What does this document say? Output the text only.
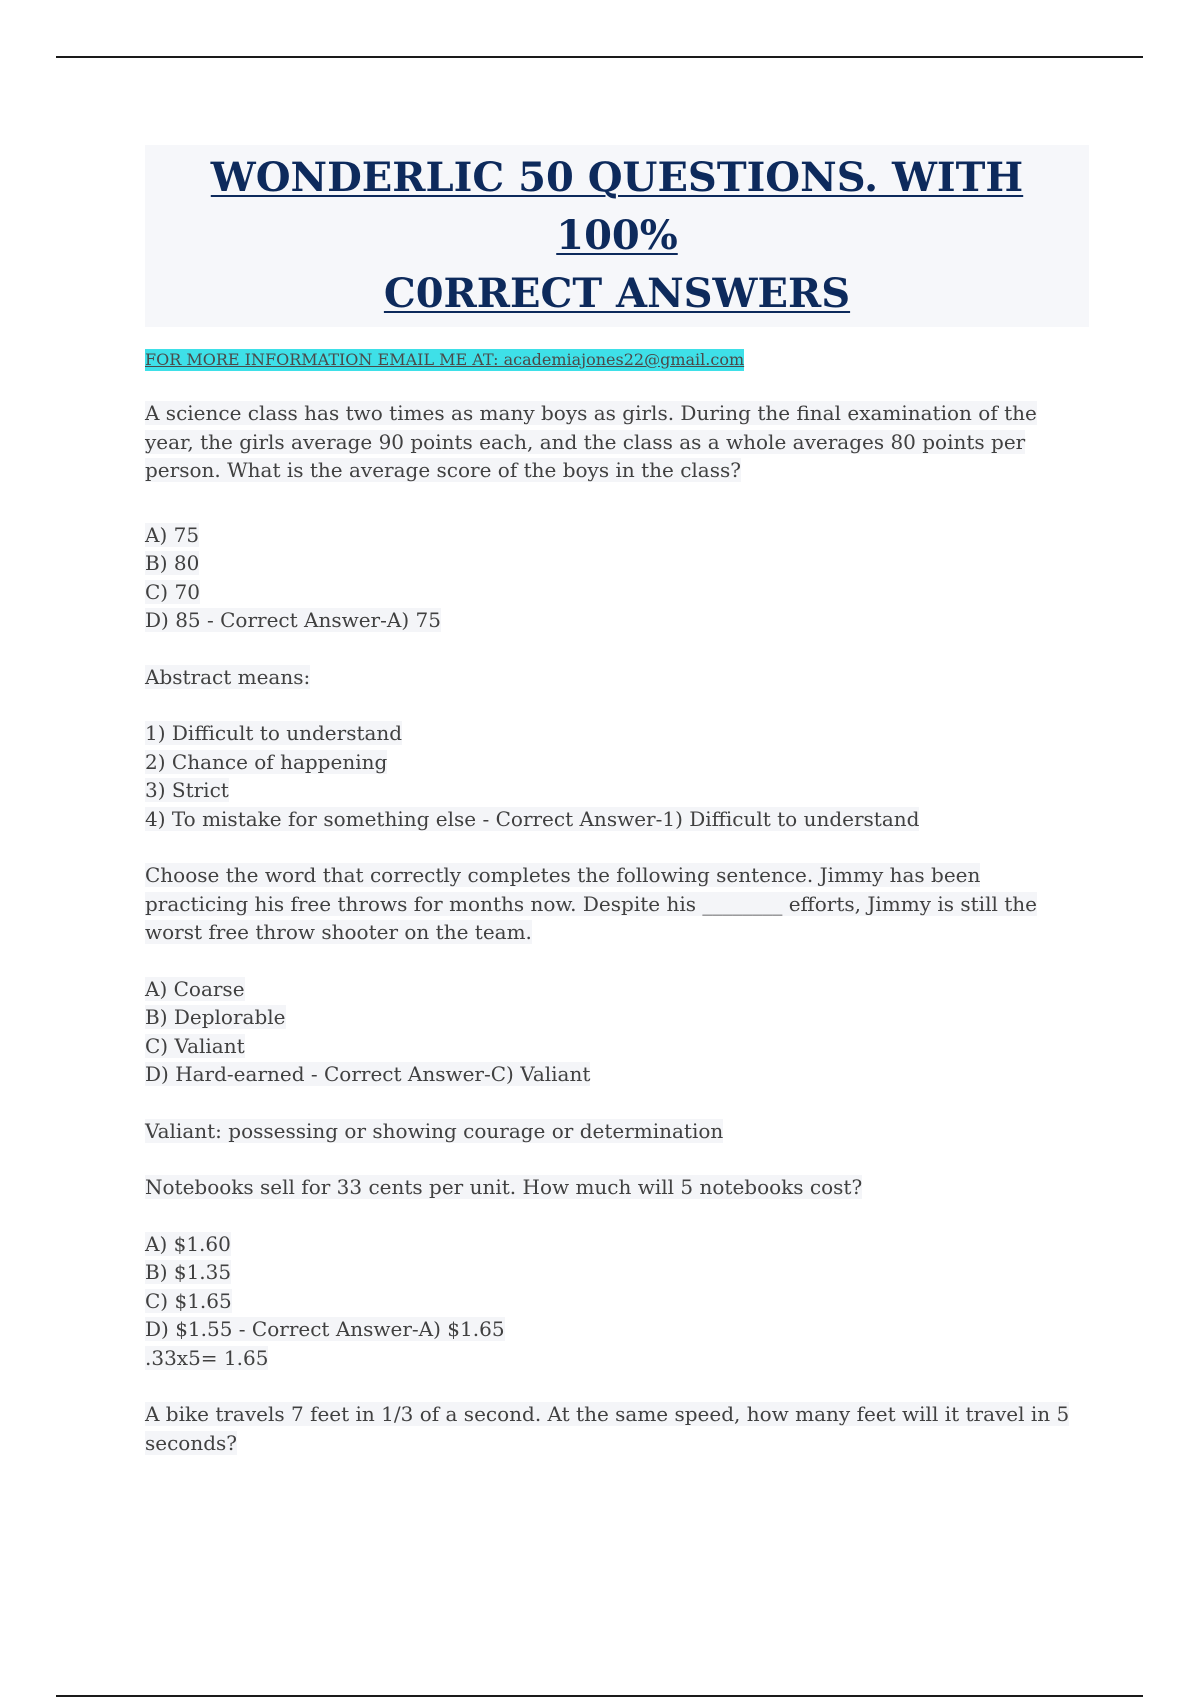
WONDERLIC 50 QUESTIONS. WITH 100%
C0RRECT ANSWERS
FOR MORE INFORMATION EMAIL ME AT: academiajones22@gmail.com
A science class has two times as many boys as girls. During the final examination of the
year, the girls average 90 points each, and the class as a whole averages 80 points per
person. What is the average score of the boys in the class?
A) 75
B) 80
C) 70
D) 85 - Correct Answer-A) 75
Abstract means:
1) Difficult to understand
2) Chance of happening
3) Strict
4) To mistake for something else - Correct Answer-1) Difficult to understand
Choose the word that correctly completes the following sentence. Jimmy has been
practicing his free throws for months now. Despite his ________ efforts, Jimmy is still the
worst free throw shooter on the team.
A) Coarse
B) Deplorable
C) Valiant
D) Hard-earned - Correct Answer-C) Valiant
Valiant: possessing or showing courage or determination
Notebooks sell for 33 cents per unit. How much will 5 notebooks cost?
A) $1.60
B) $1.35
C) $1.65
D) $1.55 - Correct Answer-A) $1.65
.33x5= 1.65
A bike travels 7 feet in 1/3 of a second. At the same speed, how many feet will it travel in 5
seconds?
